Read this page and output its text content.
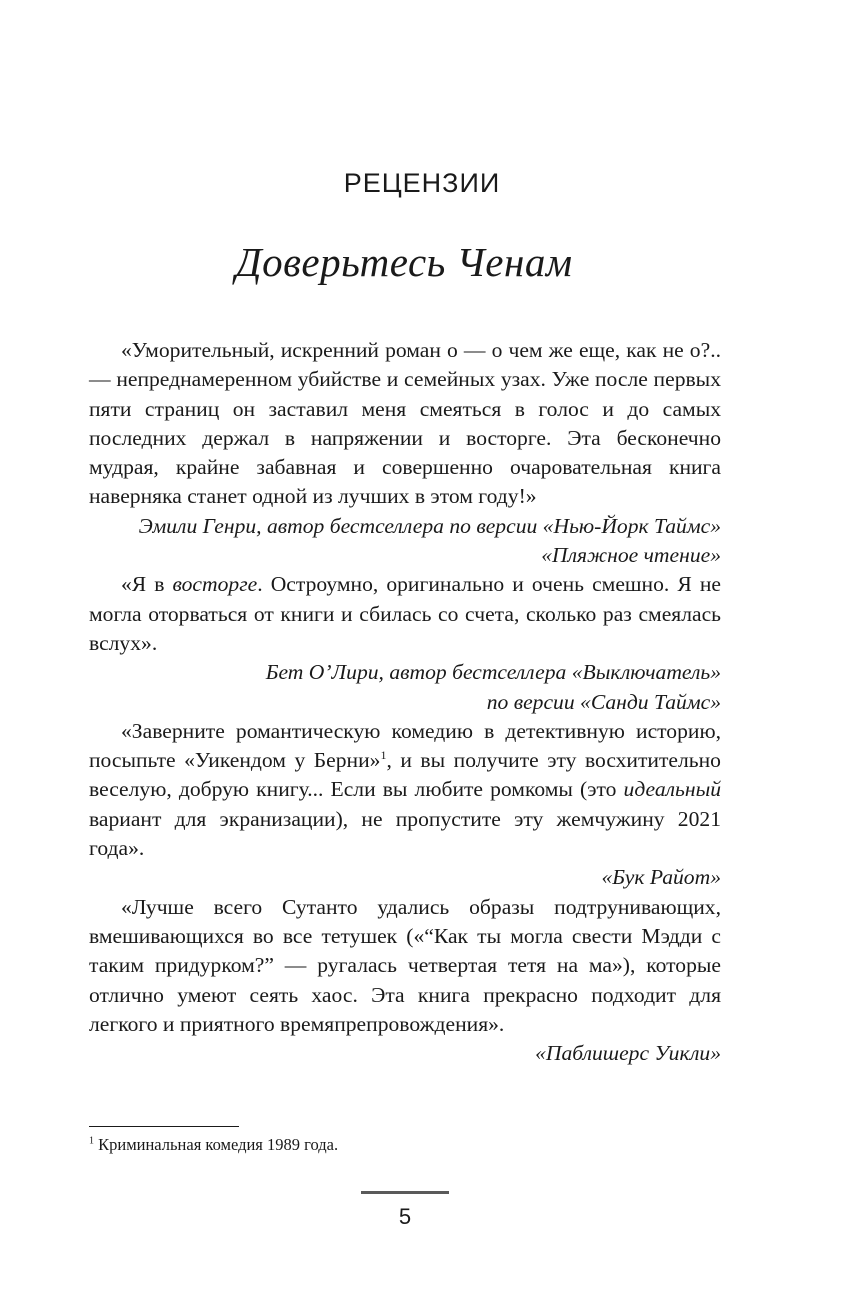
РЕЦЕНЗИИ
Доверьтесь Ченам

«Уморительный, искренний роман о — о чем же еще, как не о?..— непреднамеренном убийстве и семейных узах. Уже после первых пяти страниц он заставил меня смеяться в голос и до самых последних держал в напряжении и восторге. Эта бесконечно мудрая, крайне забавная и совершенно очаровательная книга наверняка станет одной из лучших в этом году!»

Эмили Генри, автор бестселлера по версии «Нью-Йорк Таймс» «Пляжное чтение»

«Я в восторге. Остроумно, оригинально и очень смешно. Я не могла оторваться от книги и сбилась со счета, сколько раз смеялась вслух».

Бет О’Лири, автор бестселлера «Выключатель»
по версии «Санди Таймс»

«Заверните романтическую комедию в детективную историю, посыпьте «Уикендом у Берни»$^1$, и вы получите эту восхитительно веселую, добрую книгу... Если вы любите ромкомы (это идеальный вариант для экранизации), не пропустите эту жемчужину 2021 года».

«Бук Райот»

«Лучше всего Сутанто удались образы подтрунивающих, вмешивающихся во все тетушек («“Как ты могла свести Мэдди с таким придурком?” — ругалась четвертая тетя на ма»), которые отлично умеют сеять хаос. Эта книга прекрасно подходит для легкого и приятного времяпрепровождения».

«Паблишерс Уикли»

$^1$ Криминальная комедия 1989 года.

5
